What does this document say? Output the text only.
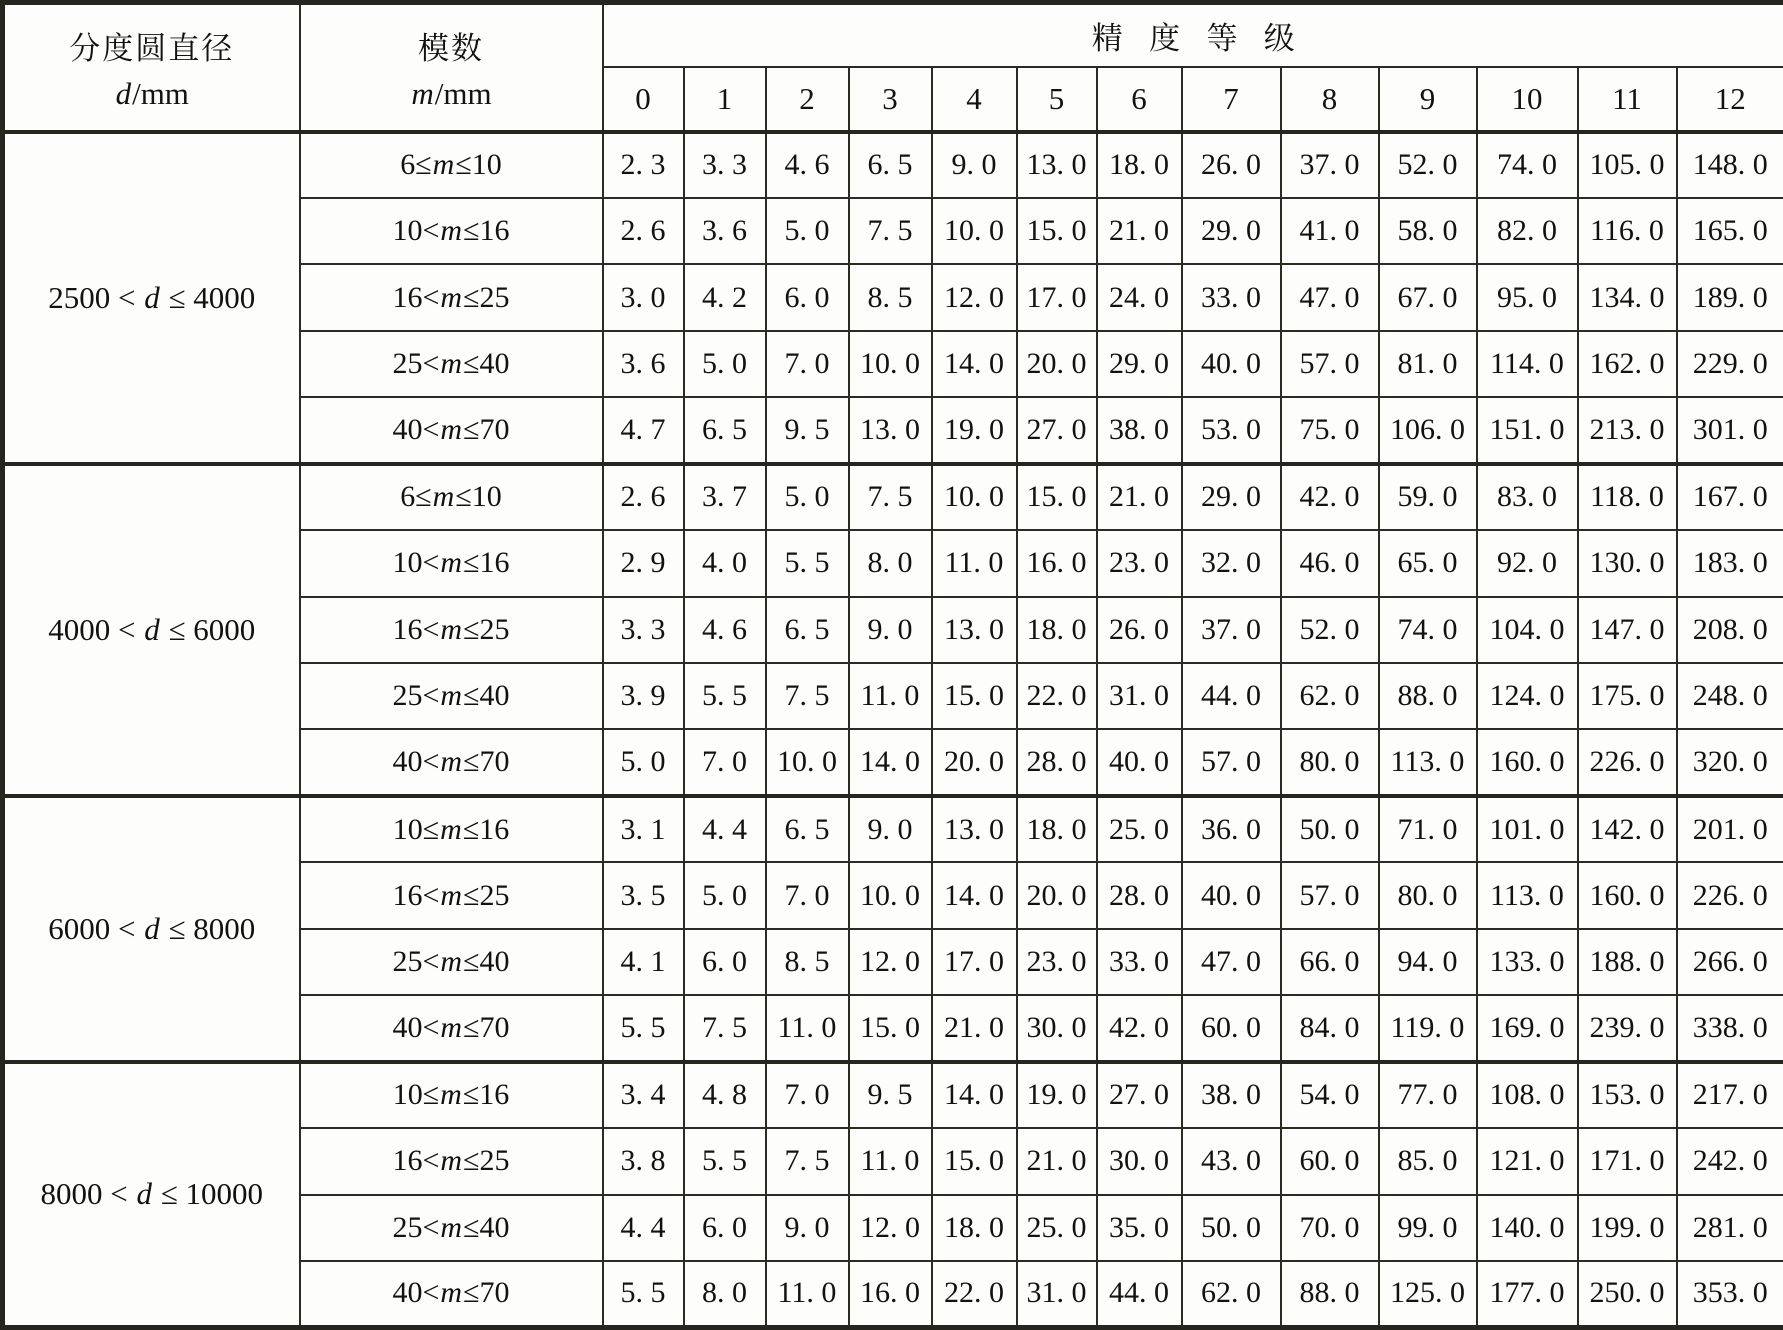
分度圆直径
d/mm

模数
m/mm
	精度等级
		0	1	2	3	4	5	6	7	8	9	10	11	12
2500 < d ≤ 4000	6≤m≤10	2. 3	3. 3	4. 6	6. 5	9. 0	13. 0	18. 0	26. 0	37. 0	52. 0	74. 0	105. 0	148. 0
	10<m≤16	2. 6	3. 6	5. 0	7. 5	10. 0	15. 0	21. 0	29. 0	41. 0	58. 0	82. 0	116. 0	165. 0
	16<m≤25	3. 0	4. 2	6. 0	8. 5	12. 0	17. 0	24. 0	33. 0	47. 0	67. 0	95. 0	134. 0	189. 0
	25<m≤40	3. 6	5. 0	7. 0	10. 0	14. 0	20. 0	29. 0	40. 0	57. 0	81. 0	114. 0	162. 0	229. 0
	40<m≤70	4. 7	6. 5	9. 5	13. 0	19. 0	27. 0	38. 0	53. 0	75. 0	106. 0	151. 0	213. 0	301. 0
4000 < d ≤ 6000	6≤m≤10	2. 6	3. 7	5. 0	7. 5	10. 0	15. 0	21. 0	29. 0	42. 0	59. 0	83. 0	118. 0	167. 0
	10<m≤16	2. 9	4. 0	5. 5	8. 0	11. 0	16. 0	23. 0	32. 0	46. 0	65. 0	92. 0	130. 0	183. 0
	16<m≤25	3. 3	4. 6	6. 5	9. 0	13. 0	18. 0	26. 0	37. 0	52. 0	74. 0	104. 0	147. 0	208. 0
	25<m≤40	3. 9	5. 5	7. 5	11. 0	15. 0	22. 0	31. 0	44. 0	62. 0	88. 0	124. 0	175. 0	248. 0
	40<m≤70	5. 0	7. 0	10. 0	14. 0	20. 0	28. 0	40. 0	57. 0	80. 0	113. 0	160. 0	226. 0	320. 0
6000 < d ≤ 8000	10≤m≤16	3. 1	4. 4	6. 5	9. 0	13. 0	18. 0	25. 0	36. 0	50. 0	71. 0	101. 0	142. 0	201. 0
	16<m≤25	3. 5	5. 0	7. 0	10. 0	14. 0	20. 0	28. 0	40. 0	57. 0	80. 0	113. 0	160. 0	226. 0
	25<m≤40	4. 1	6. 0	8. 5	12. 0	17. 0	23. 0	33. 0	47. 0	66. 0	94. 0	133. 0	188. 0	266. 0
	40<m≤70	5. 5	7. 5	11. 0	15. 0	21. 0	30. 0	42. 0	60. 0	84. 0	119. 0	169. 0	239. 0	338. 0
8000 < d ≤ 10000	10≤m≤16	3. 4	4. 8	7. 0	9. 5	14. 0	19. 0	27. 0	38. 0	54. 0	77. 0	108. 0	153. 0	217. 0
	16<m≤25	3. 8	5. 5	7. 5	11. 0	15. 0	21. 0	30. 0	43. 0	60. 0	85. 0	121. 0	171. 0	242. 0
	25<m≤40	4. 4	6. 0	9. 0	12. 0	18. 0	25. 0	35. 0	50. 0	70. 0	99. 0	140. 0	199. 0	281. 0
	40<m≤70	5. 5	8. 0	11. 0	16. 0	22. 0	31. 0	44. 0	62. 0	88. 0	125. 0	177. 0	250. 0	353. 0
